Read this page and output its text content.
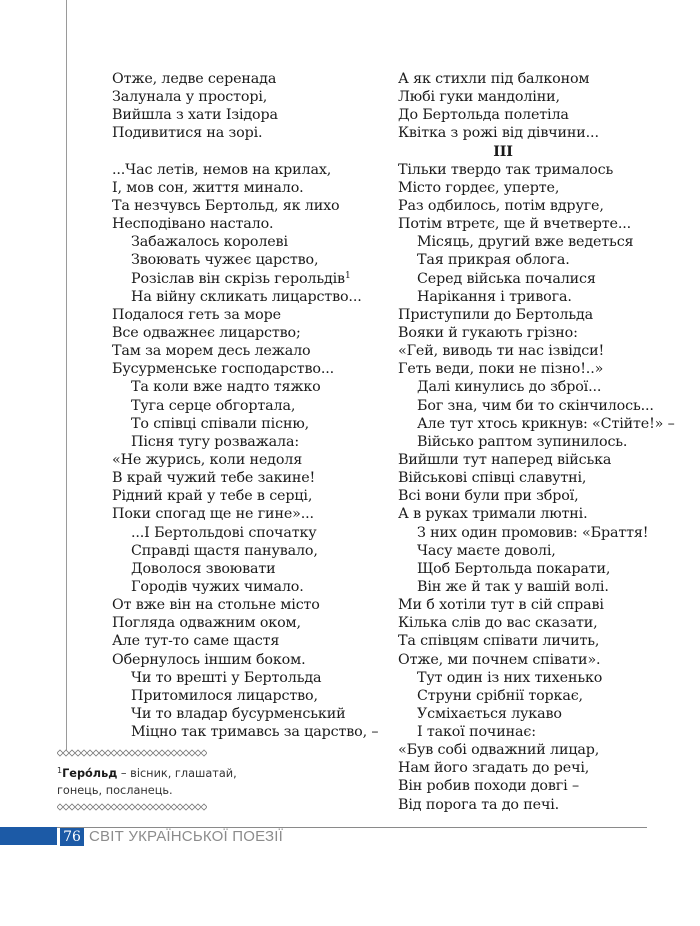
Отже, ледве серенада
Залунала у просторі,
Вийшла з хати Ізідора
Подивитися на зорі.
...Час летів, немов на крилах,
І, мов сон, життя минало.
Та незчувсь Бертольд, як лихо
Несподівано настало.
Забажалось королеві
Звоювать чужеє царство,
Розіслав він скрізь герольдів$^1$
На війну скликать лицарство...
Подалося геть за море
Все одважнеє лицарство;
Там за морем десь лежало
Бусурменське господарство...
Та коли вже надто тяжко
Туга серце обгортала,
То співці співали пісню,
Пісня тугу розважала:
«Не журись, коли недоля
В край чужий тебе закине!
Рідний край у тебе в серці,
Поки спогад ще не гине»...
...І Бертольдові спочатку
Справді щастя панувало,
Доволося звоювати
Городів чужих чимало.
От вже він на стольне місто
Поглядa одважним оком,
Але тут-то саме щастя
Обернулось іншим боком.
Чи то врешті у Бертольда
Притомилося лицарство,
Чи то владар бусурменський
Міцно так тримавсь за царство, –
А як стихли під балконом
Любі гуки мандоліни,
До Бертольда полетіла
Квітка з рожі від дівчини...
III
Тільки твердо так трималось
Місто гордеє, уперте,
Раз одбилось, потім вдруге,
Потім втретє, ще й вчетверте...
Місяць, другий вже ведеться
Тая прикрая облога.
Серед війська почалися
Нарікання і тривога.
Приступили до Бертольда
Вояки й гукають грізно:
«Гей, виводь ти нас ізвідси!
Геть веди, поки не пізно!..»
Далі кинулись до зброї...
Бог зна, чим би то скінчилось...
Але тут хтось крикнув: «Стійте!» –
Військо раптом зупинилось.
Вийшли тут наперед війська
Військові співці славутні,
Всі вони були при зброї,
А в руках тримали лютні.
З них один промовив: «Браття!
Часу маєте доволі,
Щоб Бертольда покарати,
Він же й так у вашій волі.
Ми б хотіли тут в сій справі
Кілька слів до вас сказати,
Та співцям співати личить,
Отже, ми почнем співати».
Тут один із них тихенько
Струни срібнії торкає,
Усміхається лукаво
І такої починає:
«Був собі одважний лицар,
Нам його згадать до речі,
Він робив походи довгі –
Від порога та до печі.
$^1$Геро́льд – вісник, глашатай, гонець, посланець.
76 СВІТ УКРАЇНСЬКОЇ ПОЕЗІЇ
